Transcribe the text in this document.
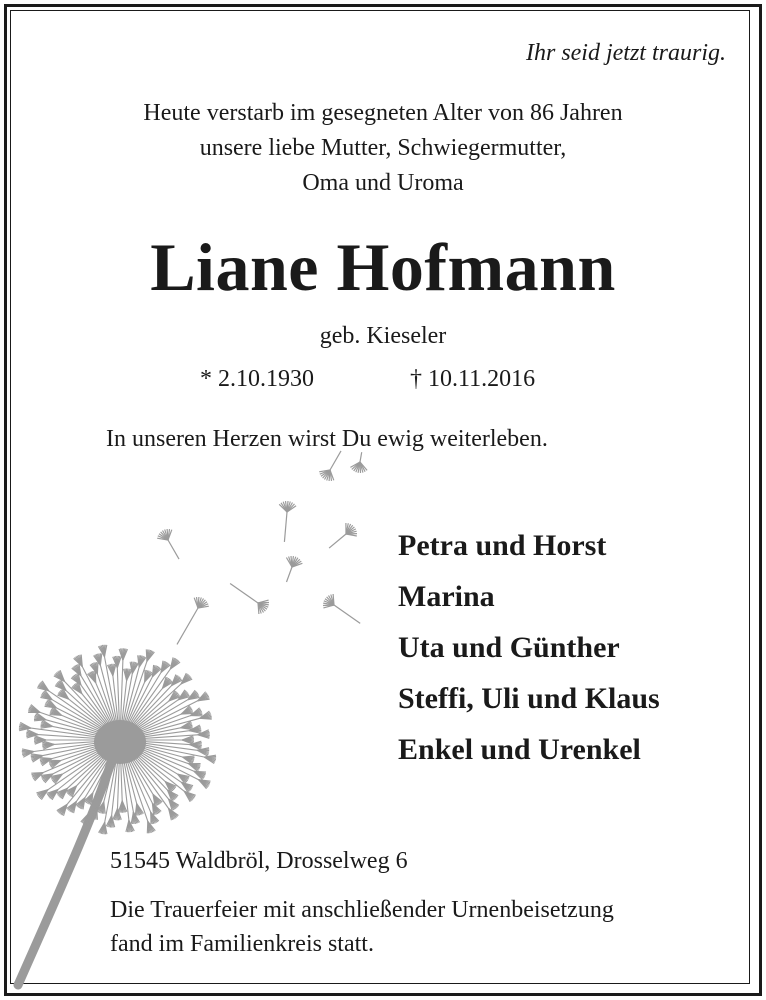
Ihr seid jetzt traurig.
Heute verstarb im gesegneten Alter von 86 Jahren
unsere liebe Mutter, Schwiegermutter,
Oma und Uroma
Liane Hofmann
geb. Kieseler
* 2.10.1930	† 10.11.2016
In unseren Herzen wirst Du ewig weiterleben.
Petra und Horst
Marina
Uta und Günther
Steffi, Uli und Klaus
Enkel und Urenkel
51545 Waldbröl, Drosselweg 6
Die Trauerfeier mit anschließender Urnenbeisetzung
fand im Familienkreis statt.
